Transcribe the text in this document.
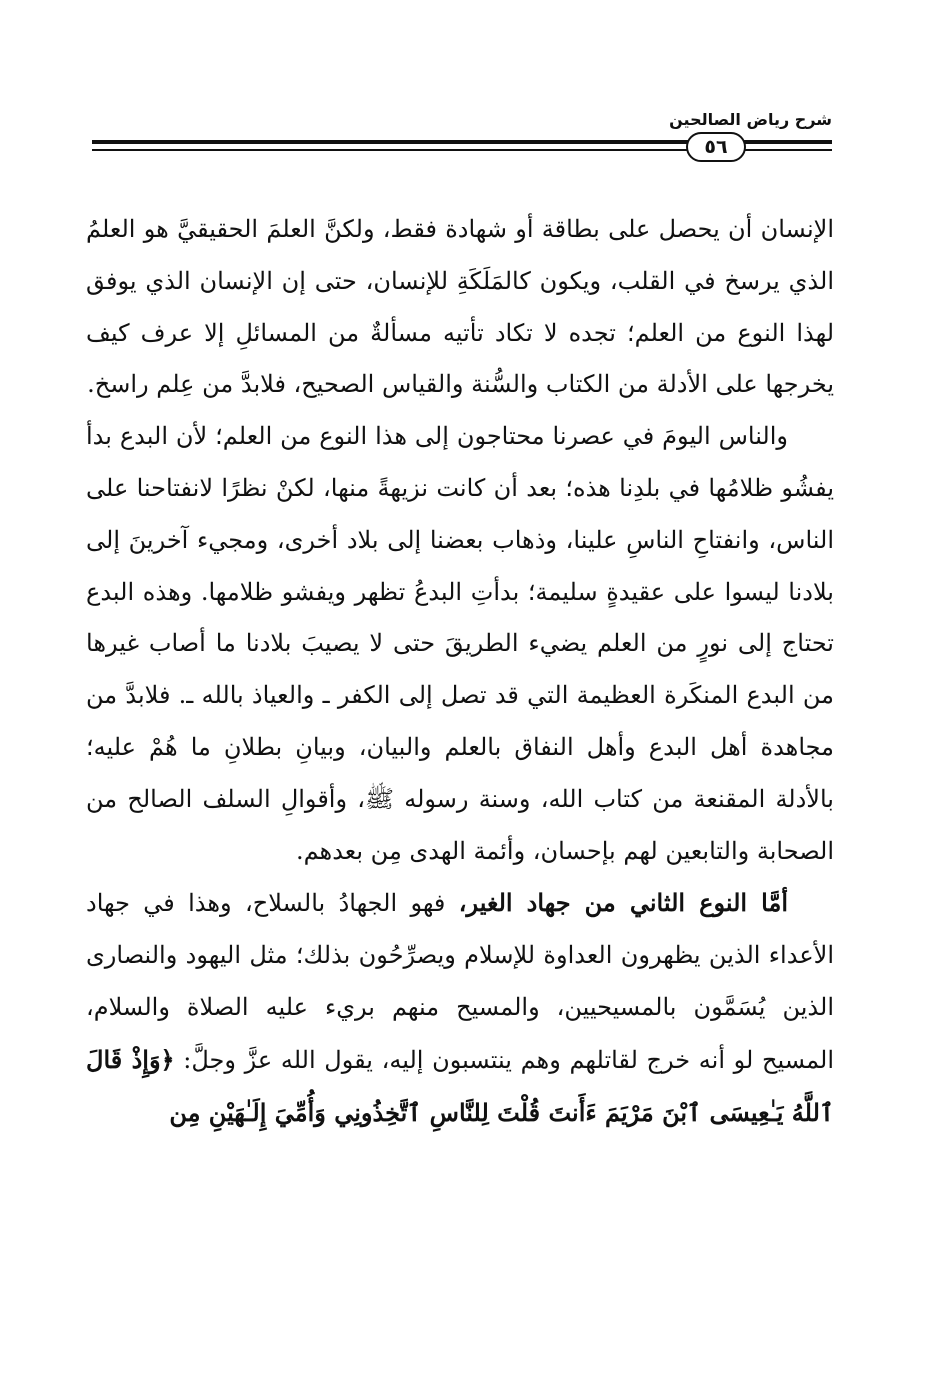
شرح رياض الصالحين
٥٦

الإنسان أن يحصل على بطاقة أو شهادة فقط، ولكنَّ العلمَ الحقيقيَّ هو العلمُ الذي يرسخ في القلب، ويكون كالمَلَكَةِ للإنسان، حتى إن الإنسان الذي يوفق لهذا النوع من العلم؛ تجده لا تكاد تأتيه مسألةٌ من المسائلِ إلا عرف كيف يخرجها على الأدلة من الكتاب والسُّنة والقياس الصحيح، فلابدَّ من عِلم راسخ.

والناس اليومَ في عصرنا محتاجون إلى هذا النوع من العلم؛ لأن البدع بدأ يفشُو ظلامُها في بلدِنا هذه؛ بعد أن كانت نزيهةً منها، لكنْ نظرًا لانفتاحنا على الناس، وانفتاحِ الناسِ علينا، وذهاب بعضنا إلى بلاد أخرى، ومجيء آخرينَ إلى بلادنا ليسوا على عقيدةٍ سليمة؛ بدأتِ البدعُ تظهر ويفشو ظلامها. وهذه البدع تحتاج إلى نورٍ من العلم يضيء الطريقَ حتى لا يصيبَ بلادنا ما أصاب غيرها من البدع المنكَرة العظيمة التي قد تصل إلى الكفر ـ والعياذ بالله ـ. فلابدَّ من مجاهدة أهل البدع وأهل النفاق بالعلم والبيان، وبيانِ بطلانِ ما هُمْ عليه؛ بالأدلة المقنعة من كتاب الله، وسنة رسوله ﷺ، وأقوالِ السلف الصالح من الصحابة والتابعين لهم بإحسان، وأئمة الهدى مِن بعدهم.

أمَّا النوع الثاني من جهاد الغير، فهو الجهادُ بالسلاح، وهذا في جهاد الأعداء الذين يظهرون العداوة للإسلام ويصرِّحُون بذلك؛ مثل اليهود والنصارى الذين يُسَمَّون بالمسيحيين، والمسيح منهم بريء عليه الصلاة والسلام، المسيح لو أنه خرج لقاتلهم وهم ينتسبون إليه، يقول الله عزَّ وجلَّ: ﴿وَإِذْ قَالَ ٱللَّهُ يَـٰعِيسَى ٱبْنَ مَرْيَمَ ءَأَنتَ قُلْتَ لِلنَّاسِ ٱتَّخِذُونِي وَأُمِّيَ إِلَـٰهَيْنِ مِن
